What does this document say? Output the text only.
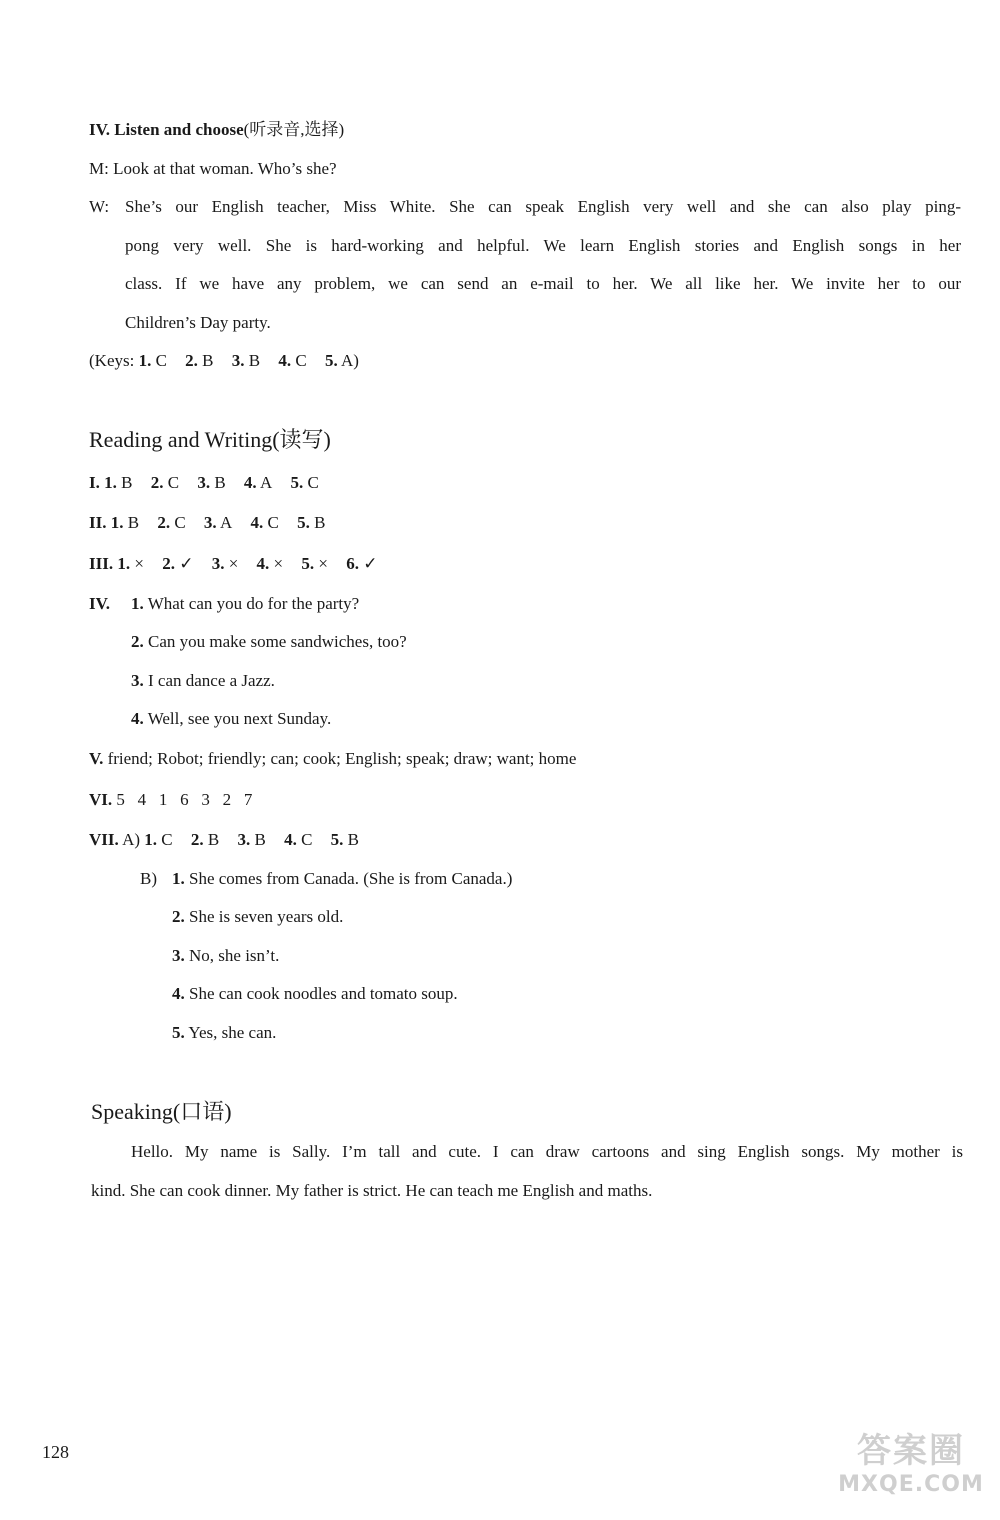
IV. Listen and choose(听录音,选择)
M: Look at that woman. Who’s she?
W: She’s our English teacher, Miss White. She can speak English very well and she can also play ping-
pong very well. She is hard-working and helpful. We learn English stories and English songs in her
class. If we have any problem, we can send an e-mail to her. We all like her. We invite her to our
Children’s Day party.
(Keys: 1. C 2. B 3. B 4. C 5. A)
Reading and Writing(读写)
I. 1. B 2. C 3. B 4. A 5. C
II. 1. B 2. C 3. A 4. C 5. B
III. 1. × 2. ✓ 3. × 4. × 5. × 6. ✓
IV. 1. What can you do for the party?
2. Can you make some sandwiches, too?
3. I can dance a Jazz.
4. Well, see you next Sunday.
V. friend; Robot; friendly; can; cook; English; speak; draw; want; home
VI. 5   4   1   6   3   2   7
VII. A) 1. C 2. B 3. B 4. C 5. B
B) 1. She comes from Canada. (She is from Canada.)
2. She is seven years old.
3. No, she isn’t.
4. She can cook noodles and tomato soup.
5. Yes, she can.
Speaking(口语)
Hello. My name is Sally. I’m tall and cute. I can draw cartoons and sing English songs. My mother is
kind. She can cook dinner. My father is strict. He can teach me English and maths.
128	答案圈
MXQE.COM
